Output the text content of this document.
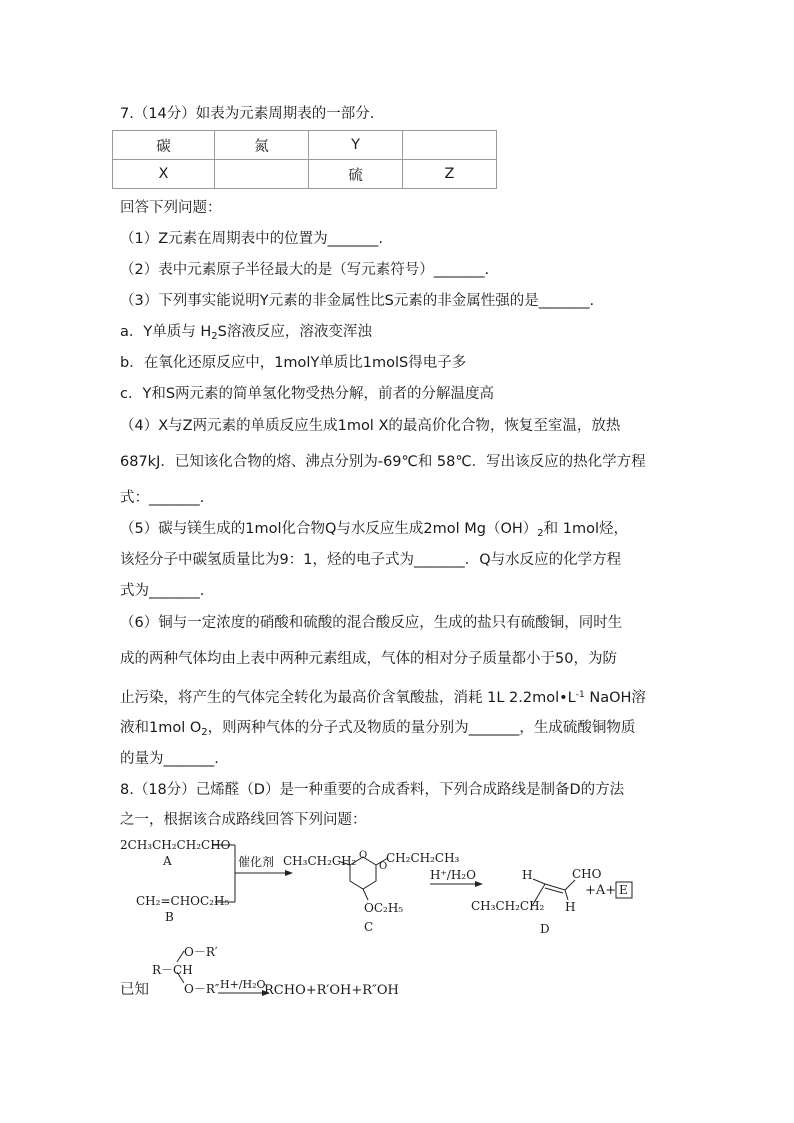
7.（14分）如表为元素周期表的一部分.
碳	氮	Y	
X		硫	Z
回答下列问题：
（1）Z元素在周期表中的位置为_______.
（2）表中元素原子半径最大的是（写元素符号）_______.
（3）下列事实能说明Y元素的非金属性比S元素的非金属性强的是_______.
a．Y单质与 $H_2S$溶液反应，溶液变浑浊
b．在氧化还原反应中，1molY单质比1molS得电子多
c．Y和S两元素的简单氢化物受热分解，前者的分解温度高
（4）X与Z两元素的单质反应生成1mol X的最高价化合物，恢复至室温，放热
687kJ．已知该化合物的熔、沸点分别为-69℃和 58℃．写出该反应的热化学方程
式：_______.
（5）碳与镁生成的1mol化合物Q与水反应生成2mol $Mg(OH)_2$和 1mol烃，
该烃分子中碳氢质量比为9：1，烃的电子式为_______．Q与水反应的化学方程
式为_______.
（6）铜与一定浓度的硝酸和硫酸的混合酸反应，生成的盐只有硫酸铜，同时生
成的两种气体均由上表中两种元素组成，气体的相对分子质量都小于50，为防
止污染，将产生的气体完全转化为最高价含氧酸盐，消耗 1L $2.2mol•L^{-1}$ NaOH溶
液和1mol $O_2$，则两种气体的分子式及物质的量分别为_______，生成硫酸铜物质
的量为_______.
8.（18分）己烯醛（D）是一种重要的合成香料，下列合成路线是制备D的方法
之一，根据该合成路线回答下列问题：
2CH₃CH₂CH₂CHO
A
CH₂=CHOC₂H₅
B
催化剂 CH₃CH₂CH₂ CH₂CH₂CH₃
O
O
OC₂H₅
C
H⁺/H₂O	H
H
CHO
CH₃CH₂CH₂
+A+ E
D
已知
O－R′
R－CH
O－R″ H+/H₂O
RCHO+R′OH+R″OH
